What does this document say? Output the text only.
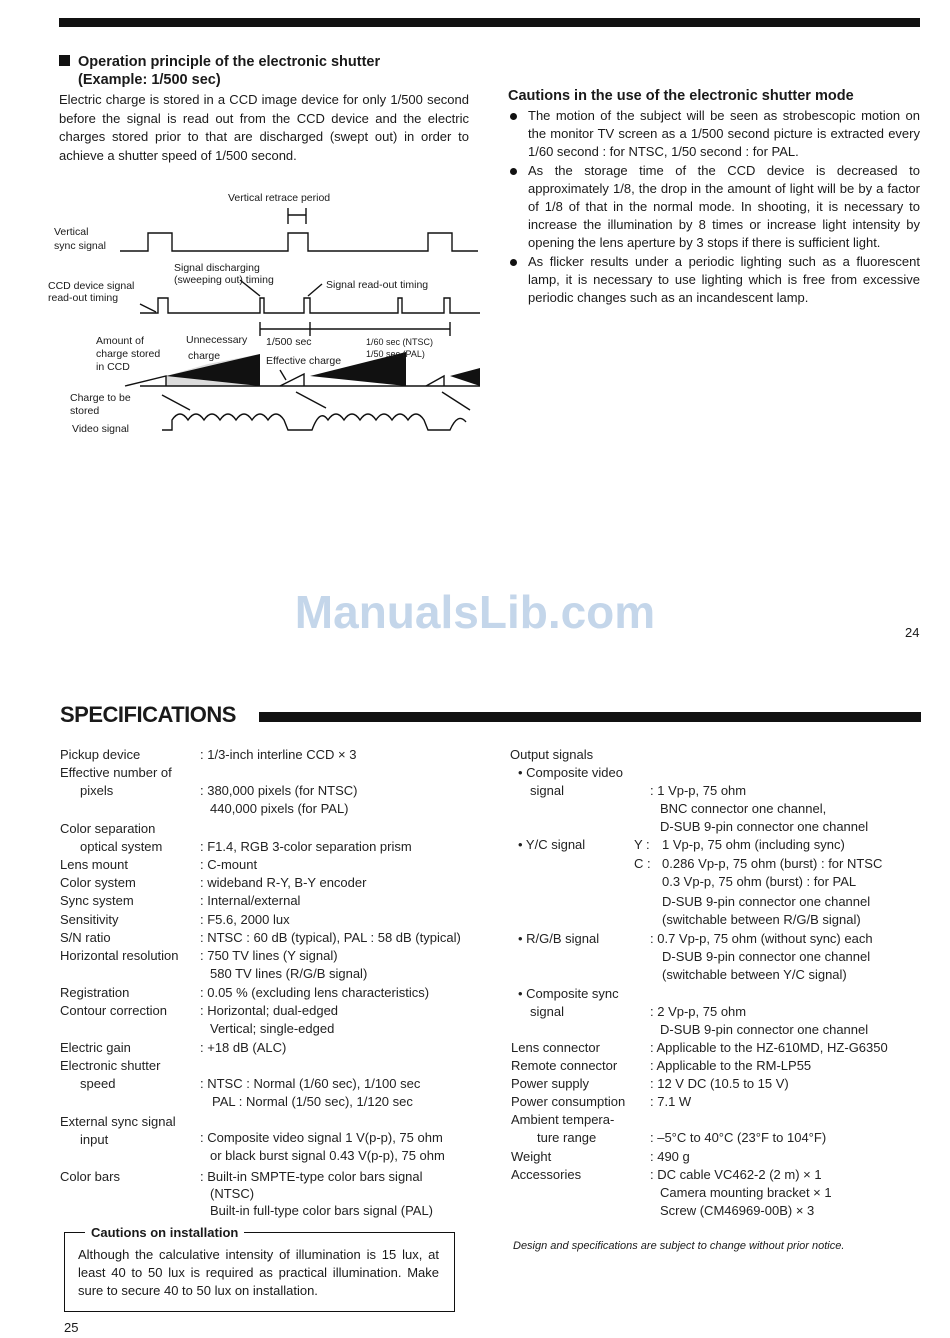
Operation principle of the electronic shutter
(Example: 1/500 sec)
Electric charge is stored in a CCD image device for only 1/500 second before the signal is read out from the CCD device and the electric charges stored prior to that are discharged (swept out) in order to achieve a shutter speed of 1/500 second.
Cautions in the use of the electronic shutter mode
The motion of the subject will be seen as strobescopic motion on the monitor TV screen as a 1/500 second picture is extracted every 1/60 second : for NTSC, 1/50 second : for PAL.
As the storage time of the CCD device is decreased to approximately 1/8, the drop in the amount of light will be by a factor of 1/8 of that in the normal mode. In shooting, it is necessary to increase the illumination by 8 times or increase light intensity by opening the lens aperture by 3 stops if there is sufficient light.
As flicker results under a periodic lighting such as a fluorescent lamp, it is necessary to use lighting which is free from excessive periodic changes such as an incandescent lamp.
Vertical retrace period
Vertical
sync signal
Signal discharging
(sweeping out) timing	Signal read-out timing
CCD device signal
read-out timing
Amount of
charge stored
in CCD
Unnecessary
charge
1/500 sec	1/60 sec (NTSC)
1/50 sec (PAL)
Effective charge
Charge to be
stored
Video signal
ManualsLib.com	24
SPECIFICATIONS
Pickup device	: 1/3-inch interline CCD × 3
Effective number of
pixels	: 380,000 pixels (for NTSC)
440,000 pixels (for PAL)
Color separation
optical system	: F1.4, RGB 3-color separation prism
Lens mount	: C-mount
Color system	: wideband R-Y, B-Y encoder
Sync system	: Internal/external
Sensitivity	: F5.6, 2000 lux
S/N ratio	: NTSC : 60 dB (typical), PAL : 58 dB (typical)
Horizontal resolution : 750 TV lines (Y signal)
580 TV lines (R/G/B signal)
Registration	: 0.05 % (excluding lens characteristics)
Contour correction	: Horizontal; dual-edged
Vertical; single-edged
Electric gain	: +18 dB (ALC)
Electronic shutter
speed	: NTSC : Normal (1/60 sec), 1/100 sec
PAL : Normal (1/50 sec), 1/120 sec
External sync signal
input	: Composite video signal 1 V(p-p), 75 ohm
or black burst signal 0.43 V(p-p), 75 ohm
Color bars	: Built-in SMPTE-type color bars signal
(NTSC)
Built-in full-type color bars signal (PAL)
Output signals
• Composite video
signal	: 1 Vp-p, 75 ohm
BNC connector one channel,
D-SUB 9-pin connector one channel
• Y/C signal	Y : 1 Vp-p, 75 ohm (including sync)
C : 0.286 Vp-p, 75 ohm (burst) : for NTSC
0.3 Vp-p, 75 ohm (burst) : for PAL
D-SUB 9-pin connector one channel
(switchable between R/G/B signal)
• R/G/B signal	: 0.7 Vp-p, 75 ohm (without sync) each
D-SUB 9-pin connector one channel
(switchable between Y/C signal)
• Composite sync
signal	: 2 Vp-p, 75 ohm
D-SUB 9-pin connector one channel
Lens connector	: Applicable to the HZ-610MD, HZ-G6350
Remote connector	: Applicable to the RM-LP55
Power supply	: 12 V DC (10.5 to 15 V)
Power consumption : 7.1 W
Ambient tempera-
ture range	: –5°C to 40°C (23°F to 104°F)
Weight	: 490 g
Accessories	: DC cable VC462-2 (2 m) × 1
Camera mounting bracket × 1
Screw (CM46969-00B) × 3
Cautions on installation
Although the calculative intensity of illumination is 15 lux, at least 40 to 50 lux is required as practical illumination. Make sure to secure 40 to 50 lux on installation.
Design and specifications are subject to change without prior notice.
25
